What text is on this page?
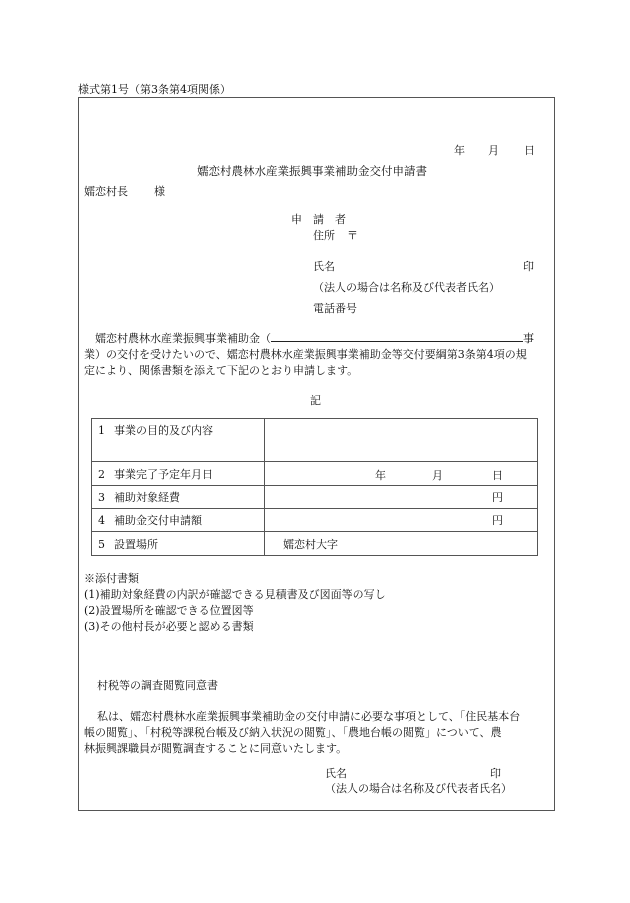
様式第1号（第3条第4項関係）
年 月 日
嬬恋村農林水産業振興事業補助金交付申請書
嬬恋村長 様
申　請　者
住所 〒
氏名	印
（法人の場合は名称及び代表者氏名）
電話番号
嬬恋村農林水産業振興事業補助金（	事
業）の交付を受けたいので、嬬恋村農林水産業振興事業補助金等交付要綱第3条第4項の規
定により、関係書類を添えて下記のとおり申請します。
記
1 事業の目的及び内容	
2 事業完了予定年月日	年 月 日

3 補助対象経費	円
4 補助金交付申請額	円
5 設置場所	嬬恋村大字
※添付書類
(1)補助対象経費の内訳が確認できる見積書及び図面等の写し
(2)設置場所を確認できる位置図等
(3)その他村長が必要と認める書類
村税等の調査閲覧同意書
私は、嬬恋村農林水産業振興事業補助金の交付申請に必要な事項として、「住民基本台
帳の閲覧」、「村税等課税台帳及び納入状況の閲覧」、「農地台帳の閲覧」について、農
林振興課職員が閲覧調査することに同意いたします。
氏名	印
（法人の場合は名称及び代表者氏名）
